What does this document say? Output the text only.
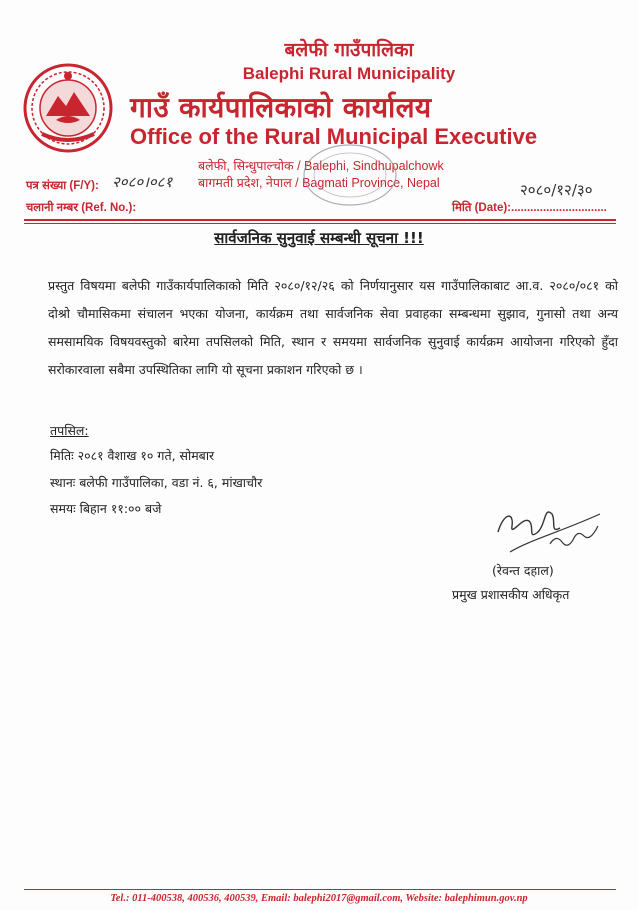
बलेफी गाउँपालिका
Balephi Rural Municipality
गाउँ कार्यपालिकाको कार्यालय
Office of the Rural Municipal Executive
बलेफी, सिन्धुपाल्चोक / Balephi, Sindhupalchowk
बागमती प्रदेश, नेपाल / Bagmati Province, Nepal
पत्र संख्या (F/Y): २०८०।०८१
चलानी नम्बर (Ref. No.):
२०८०/१२/३०
मिति (Date):..............................
सार्वजनिक सुनुवाई सम्बन्धी सूचना !!!
प्रस्तुत विषयमा बलेफी गाउँकार्यपालिकाको मिति २०८०/१२/२६ को निर्णयानुसार यस गाउँपालिकाबाट आ.व. २०८०/०८१ को दोश्रो चौमासिकमा संचालन भएका योजना, कार्यक्रम तथा सार्वजनिक सेवा प्रवाहका सम्बन्धमा सुझाव, गुनासो तथा अन्य समसामयिक विषयवस्तुको बारेमा तपसिलको मिति, स्थान र समयमा सार्वजनिक सुनुवाई कार्यक्रम आयोजना गरिएको हुँदा सरोकारवाला सबैमा उपस्थितिका लागि यो सूचना प्रकाशन गरिएको छ ।
तपसिल:
मितिः २०८१ वैशाख १० गते, सोमबार
स्थानः बलेफी गाउँपालिका, वडा नं. ६, मांखाचौर
समयः बिहान ११:०० बजे
(रेवन्त दहाल)
प्रमुख प्रशासकीय अधिकृत
Tel.: 011-400538, 400536, 400539, Email: balephi2017@gmail.com, Website: balephimun.gov.np
